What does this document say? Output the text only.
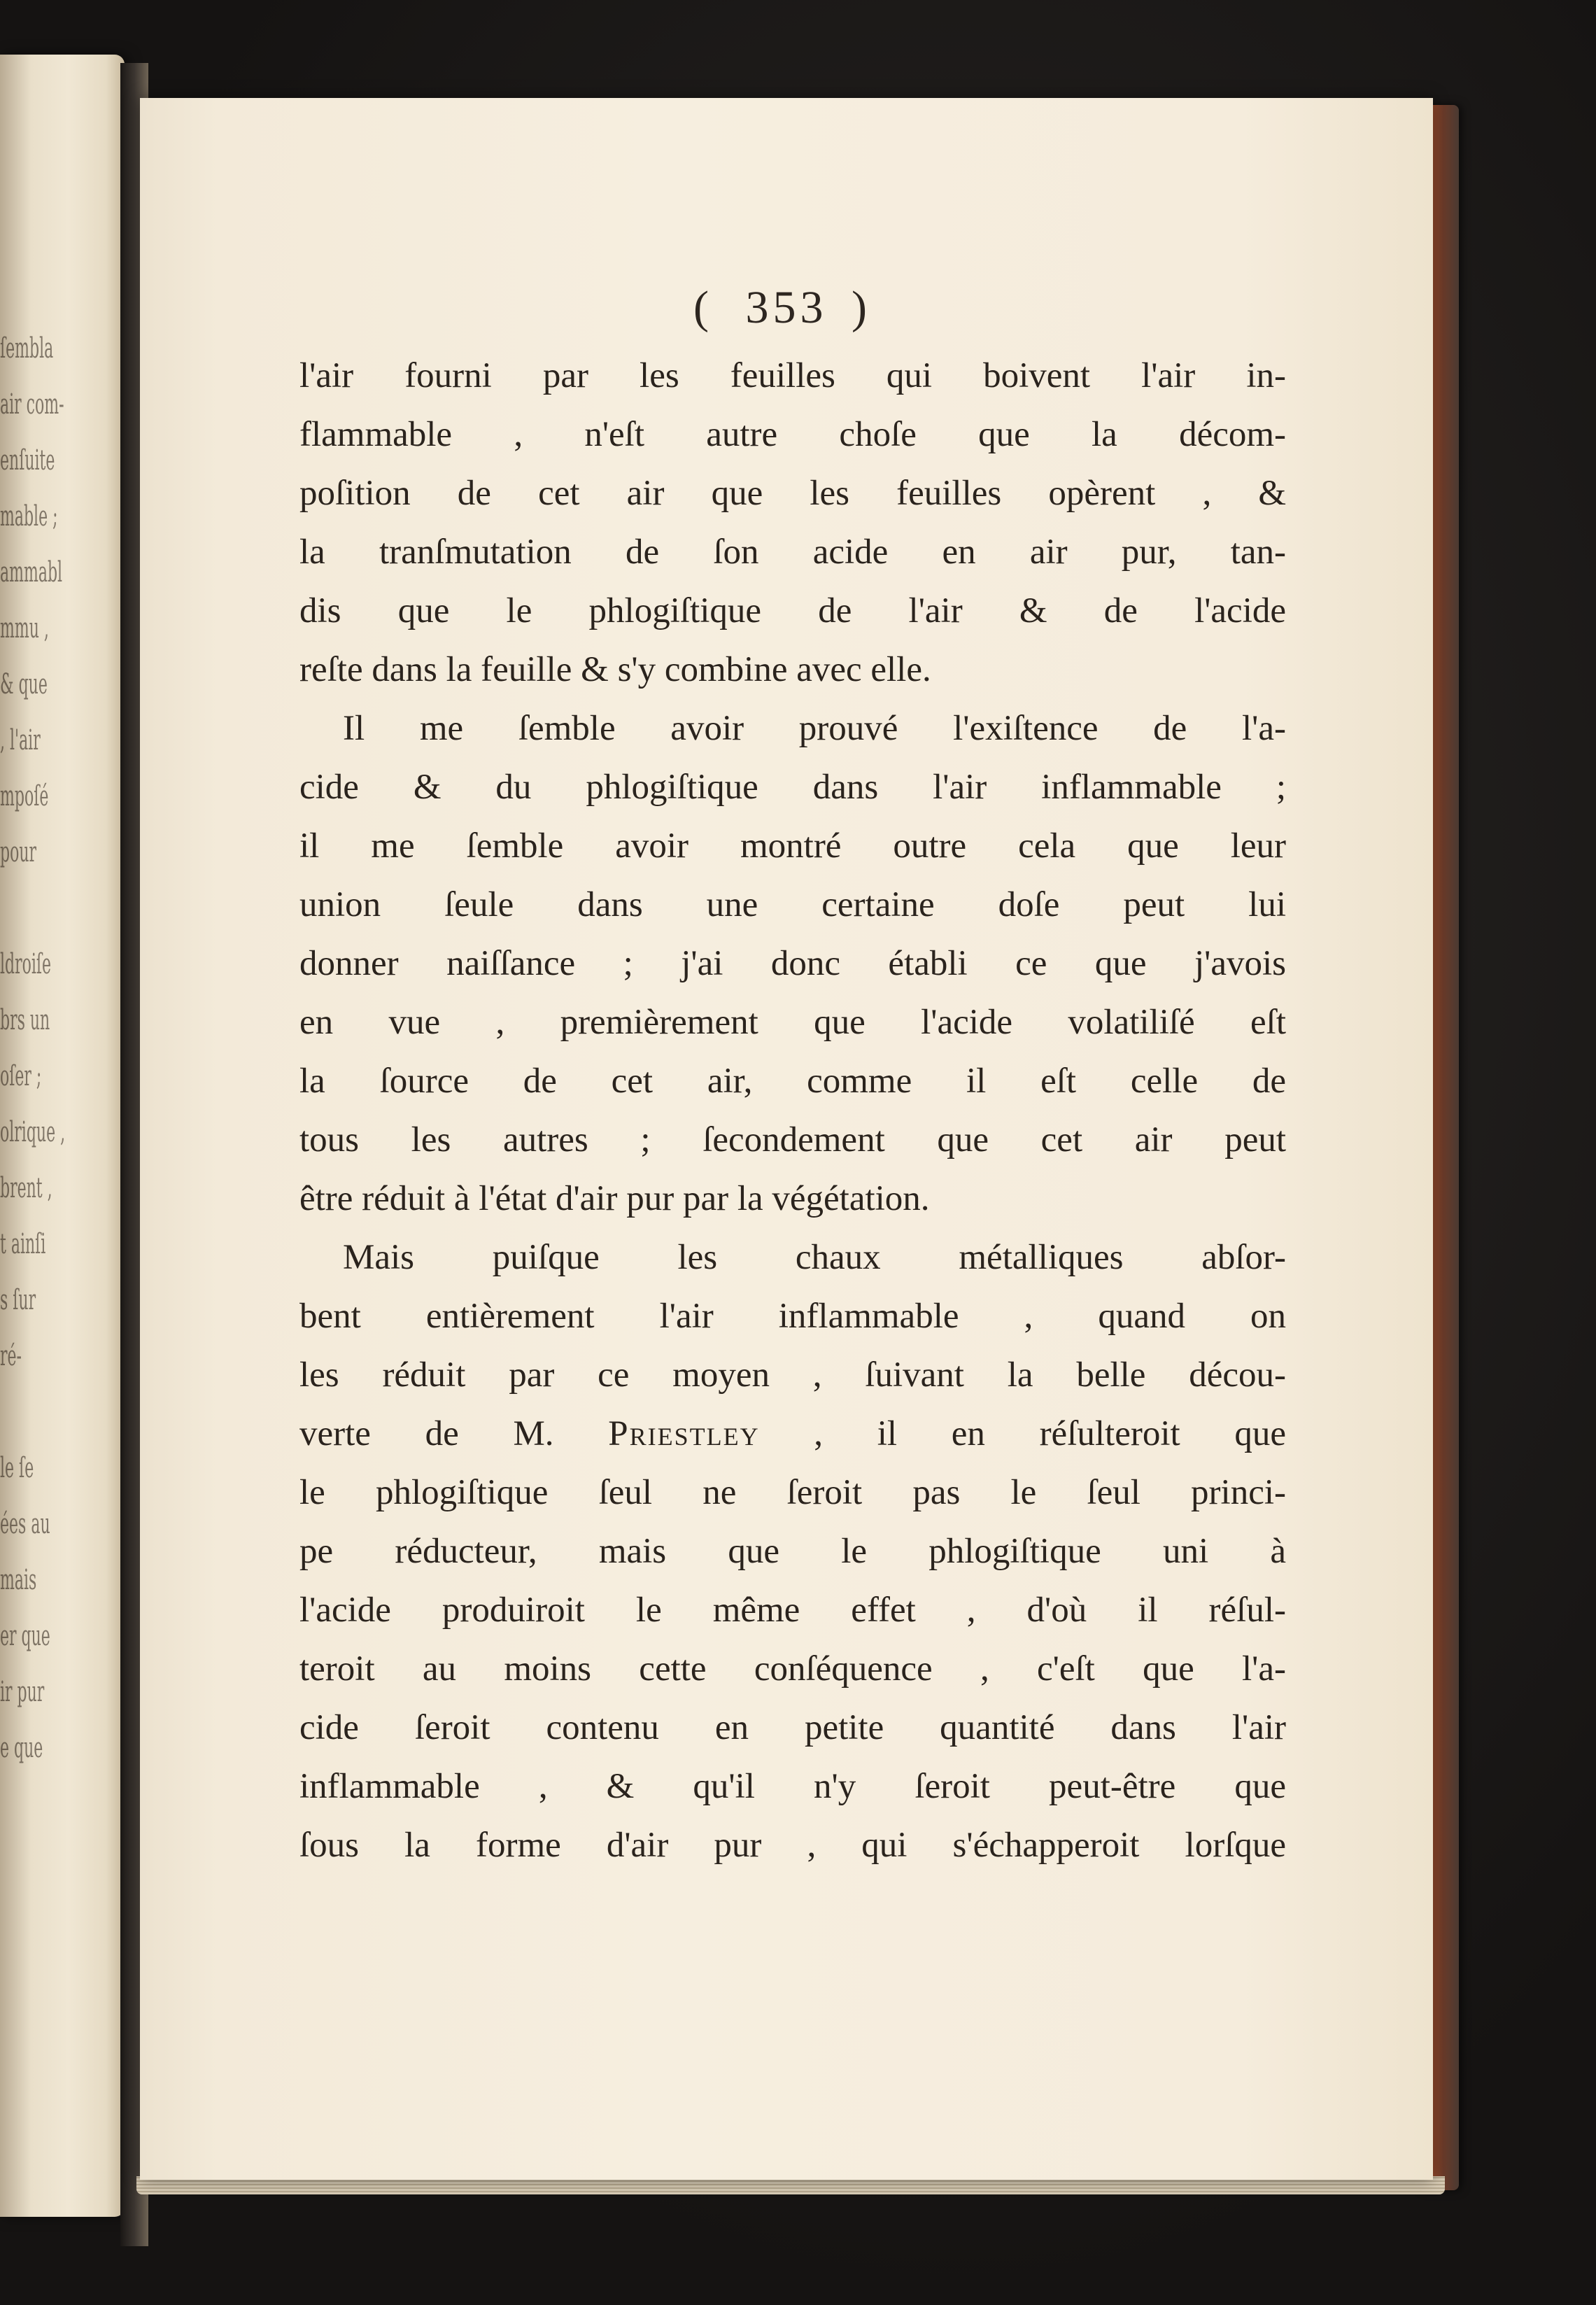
ſembla
air com-
enſuite
mable ;
ammabl
mmu ,
& que
, l'air
mpoſé
pour

ldroiſe
brs un
oſer ;
olrique ,
brent ,
t ainſi
s ſur
ré-

le ſe
ées au
mais
er que
ir pur
e que
( 353 )
l'air fourni par les feuilles qui boivent l'air in-
flammable , n'eſt autre choſe que la décom-
poſition de cet air que les feuilles opèrent , &
la tranſmutation de ſon acide en air pur, tan-
dis que le phlogiſtique de l'air & de l'acide
reſte dans la feuille & s'y combine avec elle.
Il me ſemble avoir prouvé l'exiſtence de l'a-
cide & du phlogiſtique dans l'air inflammable ;
il me ſemble avoir montré outre cela que leur
union ſeule dans une certaine doſe peut lui
donner naiſſance ; j'ai donc établi ce que j'avois
en vue , premièrement que l'acide volatiliſé eſt
la ſource de cet air, comme il eſt celle de
tous les autres ; ſecondement que cet air peut
être réduit à l'état d'air pur par la végétation.
Mais puiſque les chaux métalliques abſor-
bent entièrement l'air inflammable , quand on
les réduit par ce moyen , ſuivant la belle décou-
verte de M. Priestley , il en réſulteroit que
le phlogiſtique ſeul ne ſeroit pas le ſeul princi-
pe réducteur, mais que le phlogiſtique uni à
l'acide produiroit le même effet , d'où il réſul-
teroit au moins cette conſéquence , c'eſt que l'a-
cide ſeroit contenu en petite quantité dans l'air
inflammable , & qu'il n'y ſeroit peut-être que
ſous la forme d'air pur , qui s'échapperoit lorſque
